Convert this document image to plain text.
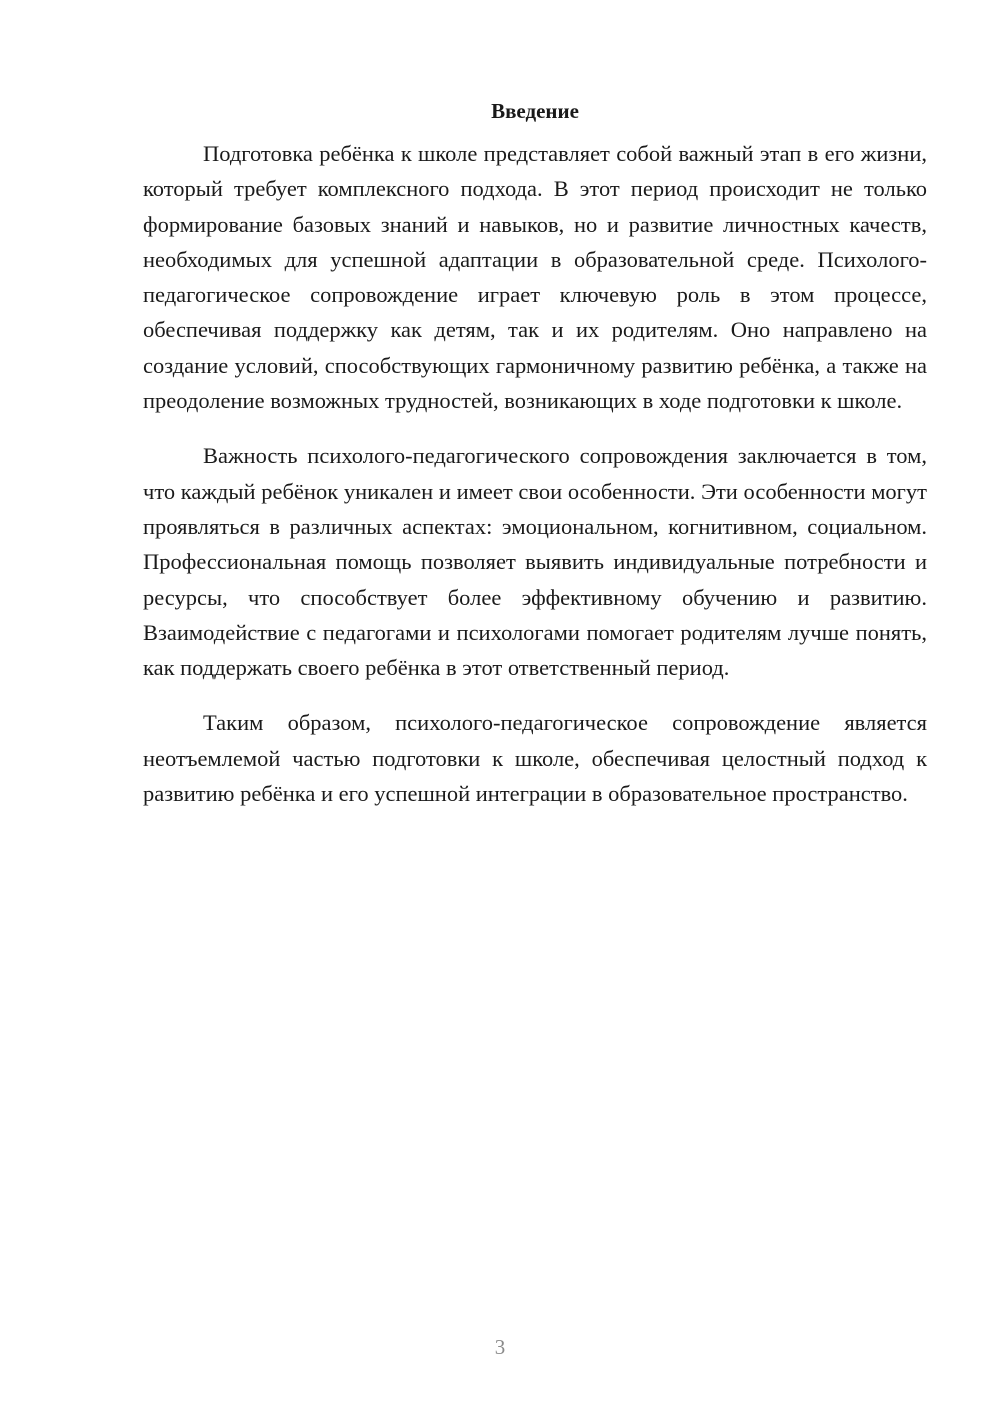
Введение

Подготовка ребёнка к школе представляет собой важный этап в его жизни, который требует комплексного подхода. В этот период происходит не только формирование базовых знаний и навыков, но и развитие личностных качеств, необходимых для успешной адаптации в образовательной среде. Психолого-педагогическое сопровождение играет ключевую роль в этом процессе, обеспечивая поддержку как детям, так и их родителям. Оно направлено на создание условий, способствующих гармоничному развитию ребёнка, а также на преодоление возможных трудностей, возникающих в ходе подготовки к школе.

Важность психолого-педагогического сопровождения заключается в том, что каждый ребёнок уникален и имеет свои особенности. Эти особенности могут проявляться в различных аспектах: эмоциональном, когнитивном, социальном. Профессиональная помощь позволяет выявить индивидуальные потребности и ресурсы, что способствует более эффективному обучению и развитию. Взаимодействие с педагогами и психологами помогает родителям лучше понять, как поддержать своего ребёнка в этот ответственный период.

Таким образом, психолого-педагогическое сопровождение является неотъемлемой частью подготовки к школе, обеспечивая целостный подход к развитию ребёнка и его успешной интеграции в образовательное пространство.

3
